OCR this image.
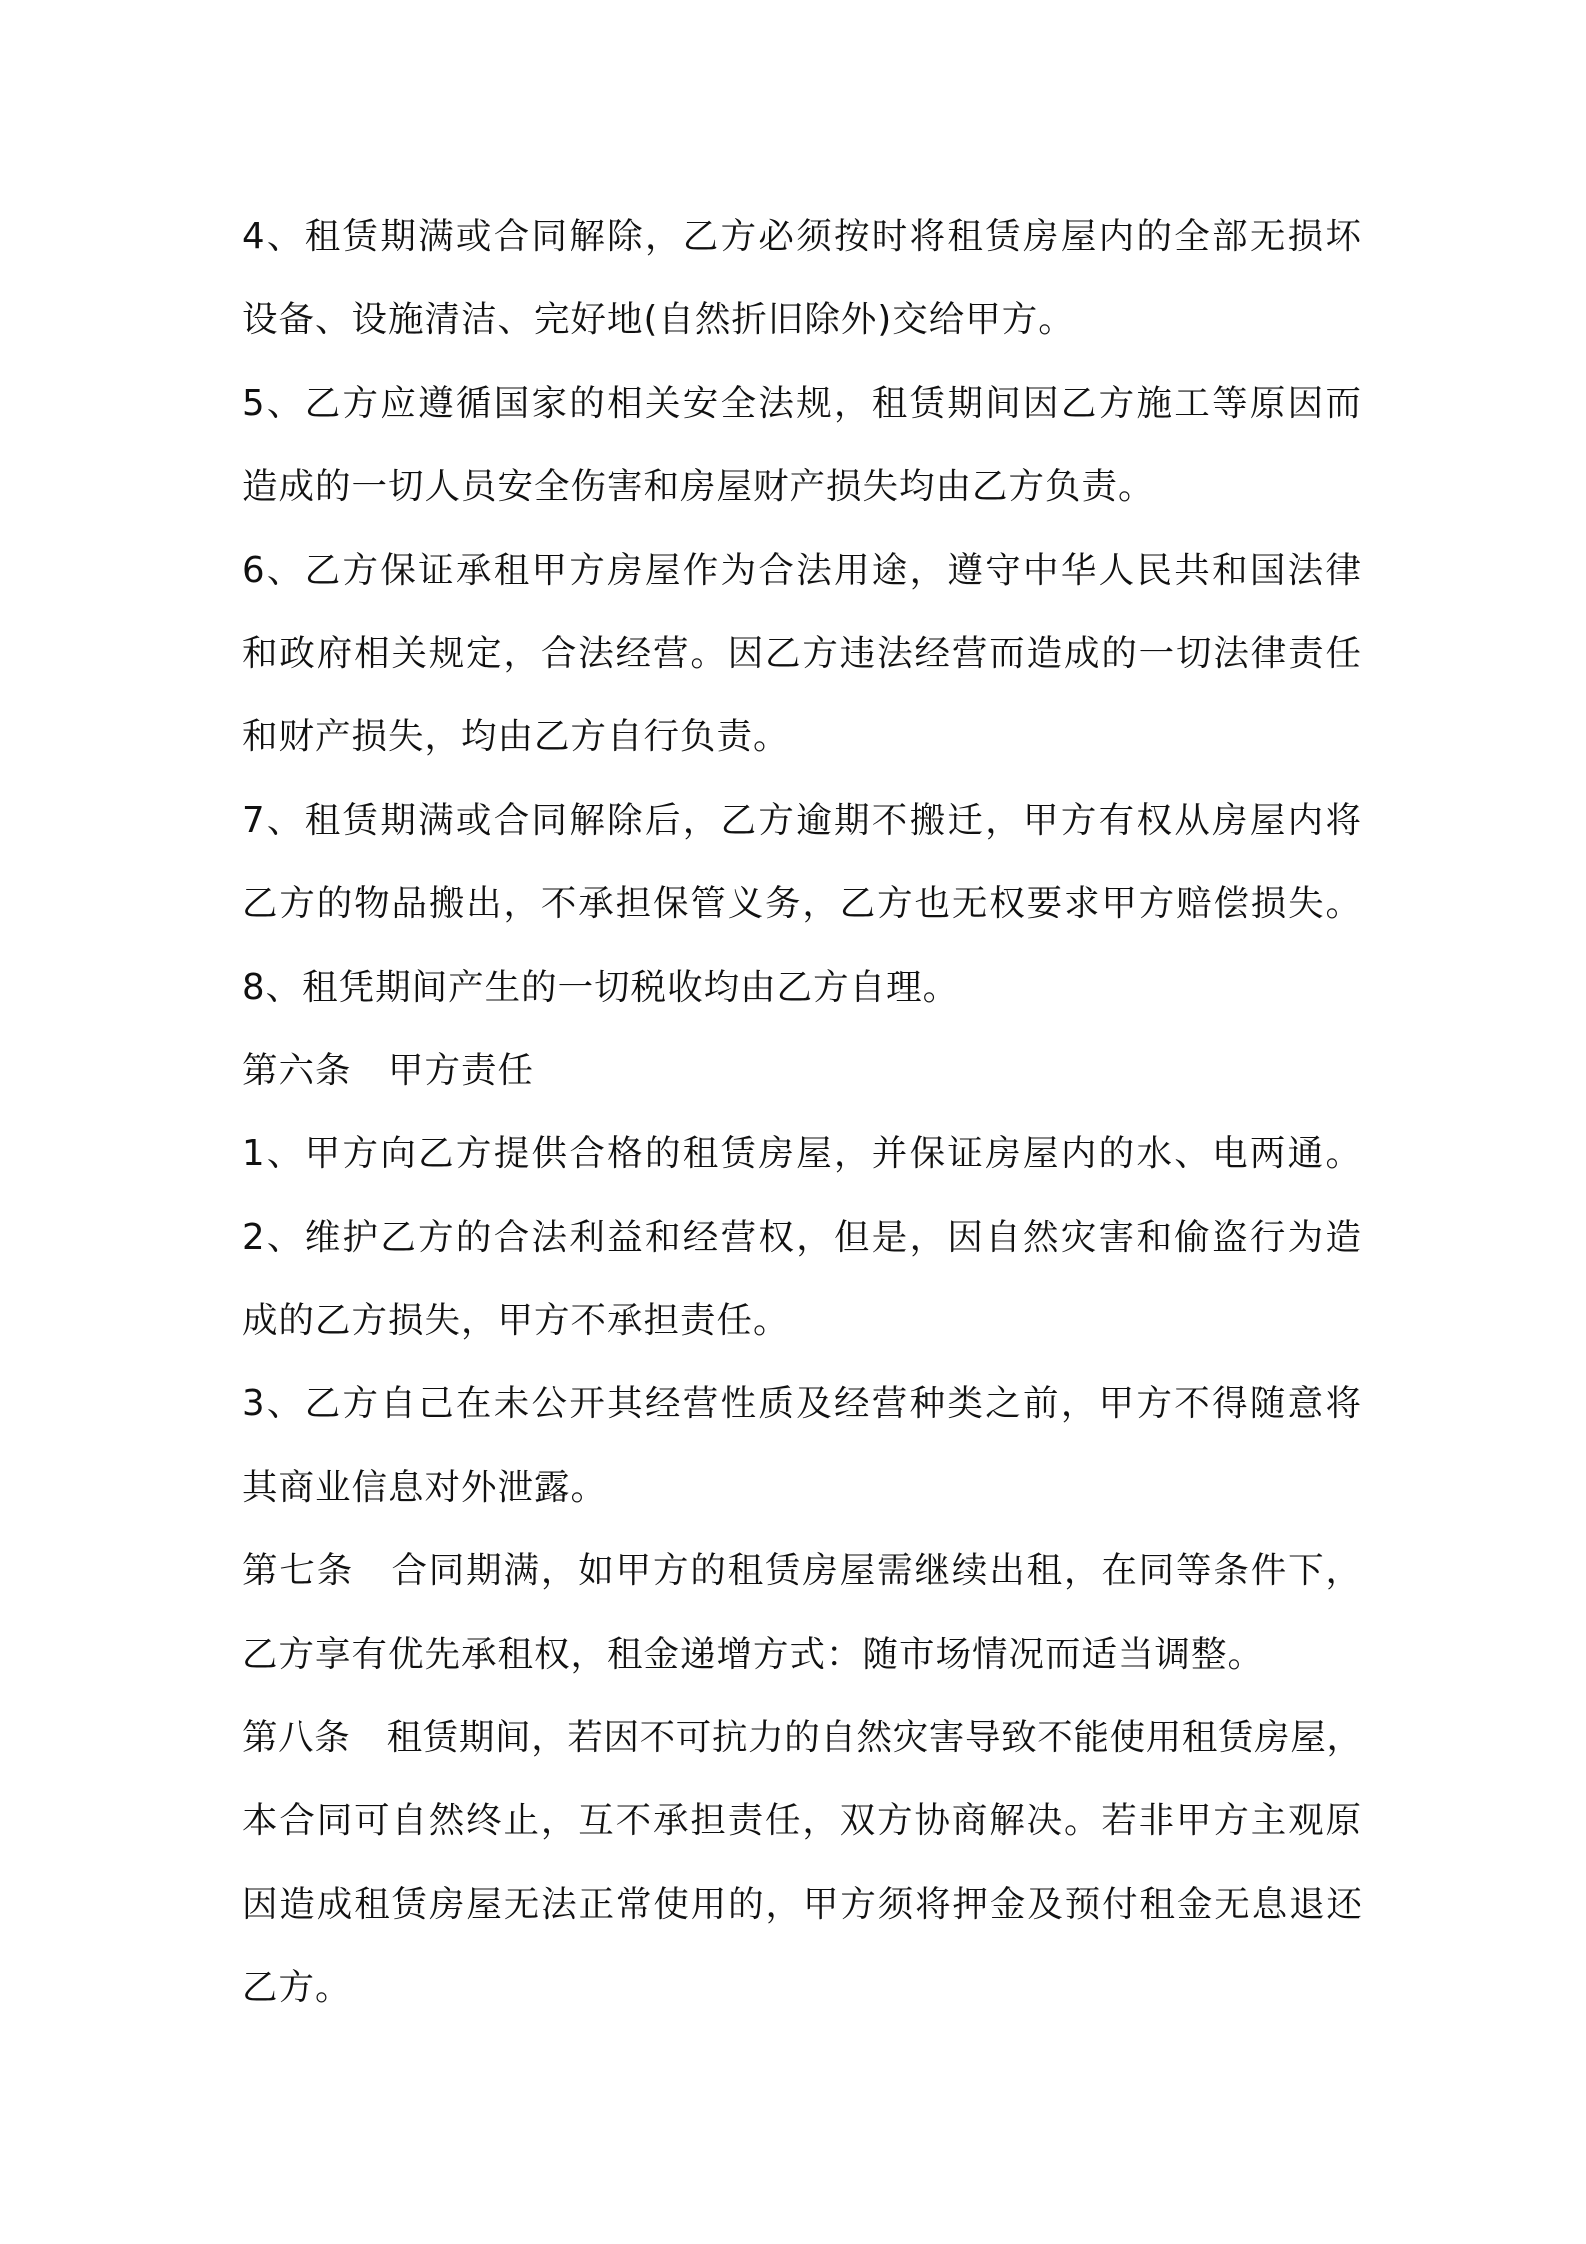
4、租赁期满或合同解除，乙方必须按时将租赁房屋内的全部无损坏
设备、设施清洁、完好地(自然折旧除外)交给甲方。
5、乙方应遵循国家的相关安全法规，租赁期间因乙方施工等原因而
造成的一切人员安全伤害和房屋财产损失均由乙方负责。
6、乙方保证承租甲方房屋作为合法用途，遵守中华人民共和国法律
和政府相关规定，合法经营。因乙方违法经营而造成的一切法律责任
和财产损失，均由乙方自行负责。
7、租赁期满或合同解除后，乙方逾期不搬迁，甲方有权从房屋内将
乙方的物品搬出，不承担保管义务，乙方也无权要求甲方赔偿损失。
8、租凭期间产生的一切税收均由乙方自理。
第六条　甲方责任
1、甲方向乙方提供合格的租赁房屋，并保证房屋内的水、电两通。
2、维护乙方的合法利益和经营权，但是，因自然灾害和偷盗行为造
成的乙方损失，甲方不承担责任。
3、乙方自己在未公开其经营性质及经营种类之前，甲方不得随意将
其商业信息对外泄露。
第七条　合同期满，如甲方的租赁房屋需继续出租，在同等条件下，
乙方享有优先承租权，租金递增方式：随市场情况而适当调整。
第八条　租赁期间，若因不可抗力的自然灾害导致不能使用租赁房屋，
本合同可自然终止，互不承担责任，双方协商解决。若非甲方主观原
因造成租赁房屋无法正常使用的，甲方须将押金及预付租金无息退还
乙方。
